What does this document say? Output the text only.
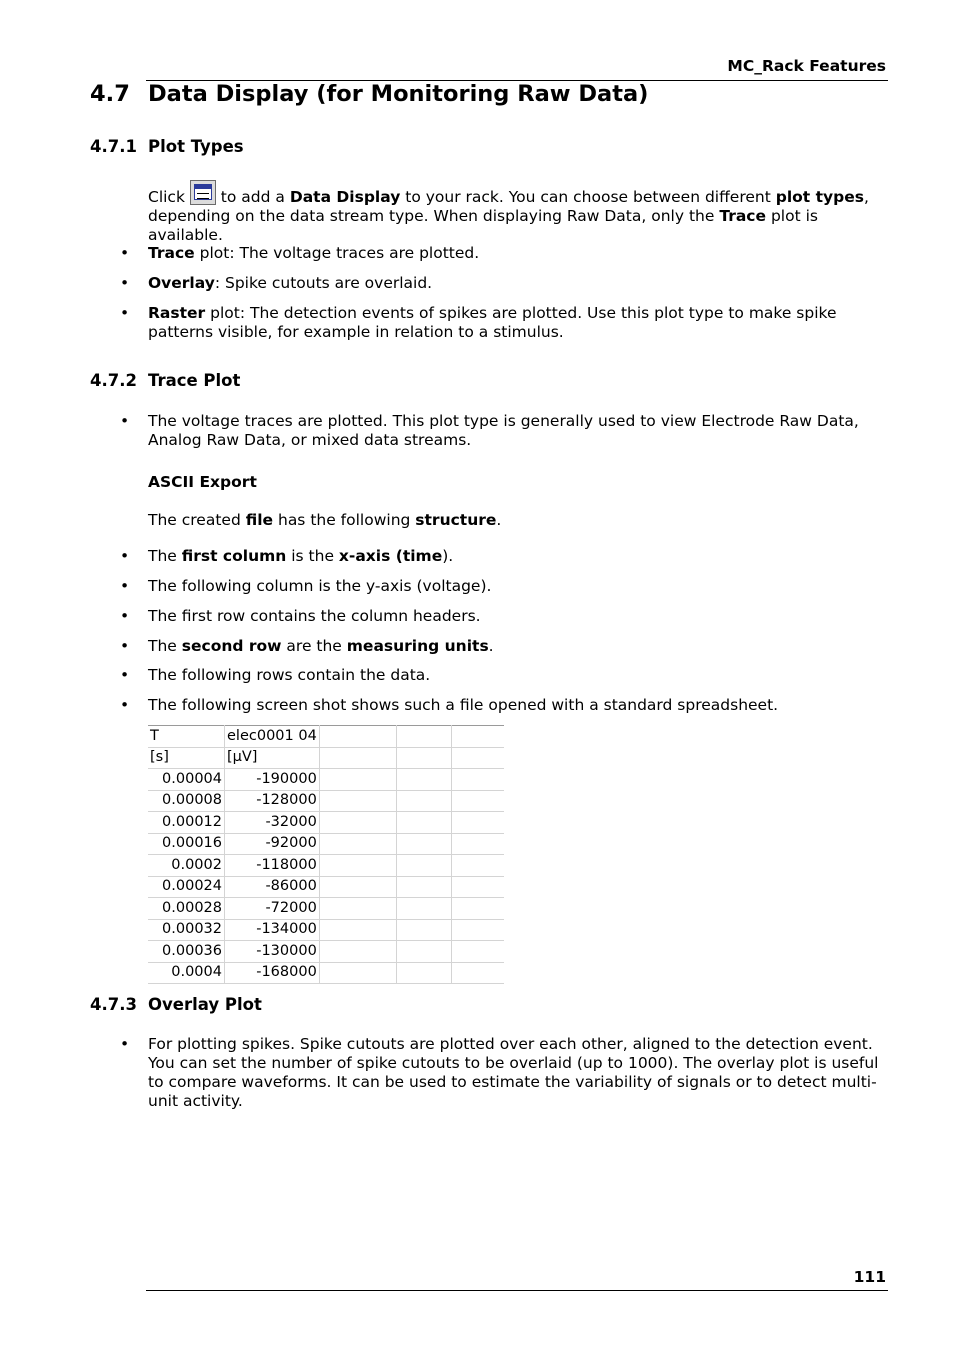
MC_Rack Features
4.7 Data Display (for Monitoring Raw Data)
4.7.1 Plot Types
Click
to add a Data Display to your rack. You can choose between different plot types, depending on the data stream type. When displaying Raw Data, only the Trace plot is available.
• Trace plot: The voltage traces are plotted.
• Overlay: Spike cutouts are overlaid.
• Raster plot: The detection events of spikes are plotted. Use this plot type to make spike patterns visible, for example in relation to a stimulus.
4.7.2 Trace Plot
• The voltage traces are plotted. This plot type is generally used to view Electrode Raw Data, Analog Raw Data, or mixed data streams.
ASCII Export
The created file has the following structure.
• The first column is the x-axis (time).
• The following column is the y-axis (voltage).
• The first row contains the column headers.
• The second row are the measuring units.
• The following rows contain the data.
• The following screen shot shows such a file opened with a standard spreadsheet.
T	elec0001 04			
[s]	[µV]			
0.00004	-190000			
0.00008	-128000			
0.00012	-32000			
0.00016	-92000			
0.0002	-118000			
0.00024	-86000			
0.00028	-72000			
0.00032	-134000			
0.00036	-130000			
0.0004	-168000			
4.7.3 Overlay Plot
• For plotting spikes. Spike cutouts are plotted over each other, aligned to the detection event. You can set the number of spike cutouts to be overlaid (up to 1000). The overlay plot is useful to compare waveforms. It can be used to estimate the variability of signals or to detect multi-unit activity.
111
